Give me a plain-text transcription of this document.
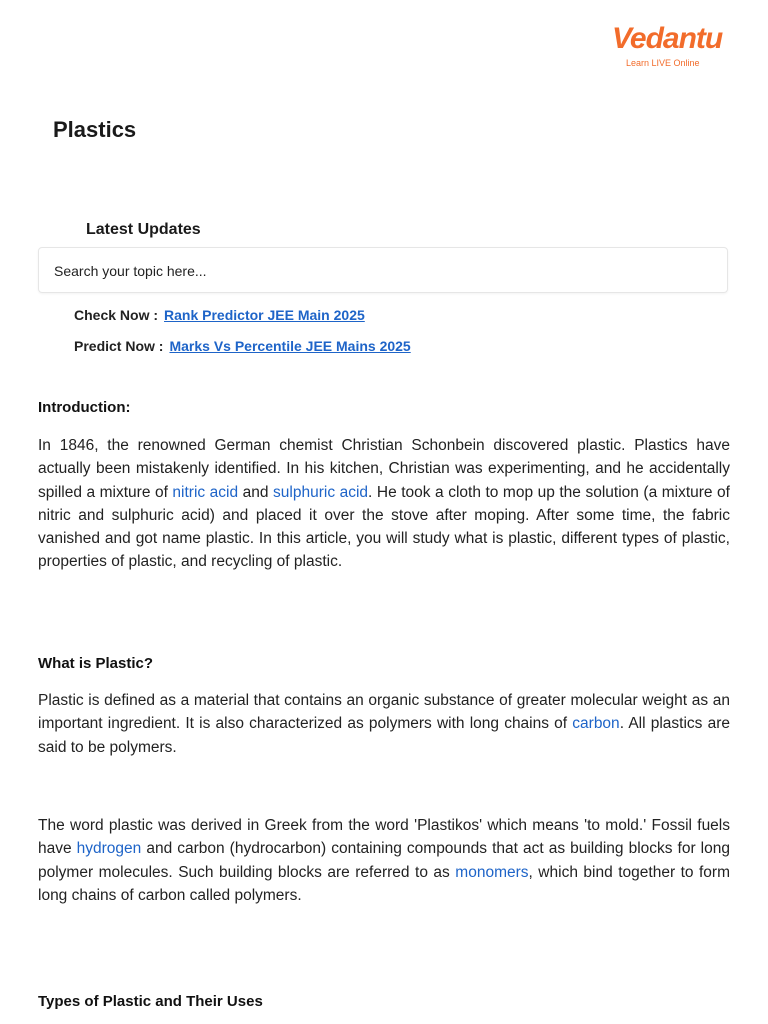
Vedantu
Learn LIVE Online
Plastics
Latest Updates
Search your topic here...
Check Now : Rank Predictor JEE Main 2025
Predict Now : Marks Vs Percentile JEE Mains 2025
Introduction:
In 1846, the renowned German chemist Christian Schonbein discovered plastic. Plastics have actually been mistakenly identified. In his kitchen, Christian was experimenting, and he accidentally spilled a mixture of nitric acid and sulphuric acid. He took a cloth to mop up the solution (a mixture of nitric and sulphuric acid) and placed it over the stove after moping. After some time, the fabric vanished and got name plastic. In this article, you will study what is plastic, different types of plastic, properties of plastic, and recycling of plastic.
What is Plastic?
Plastic is defined as a material that contains an organic substance of greater molecular weight as an important ingredient. It is also characterized as polymers with long chains of carbon. All plastics are said to be polymers.
The word plastic was derived in Greek from the word 'Plastikos' which means 'to mold.' Fossil fuels have hydrogen and carbon (hydrocarbon) containing compounds that act as building blocks for long polymer molecules. Such building blocks are referred to as monomers, which bind together to form long chains of carbon called polymers.
Types of Plastic and Their Uses
